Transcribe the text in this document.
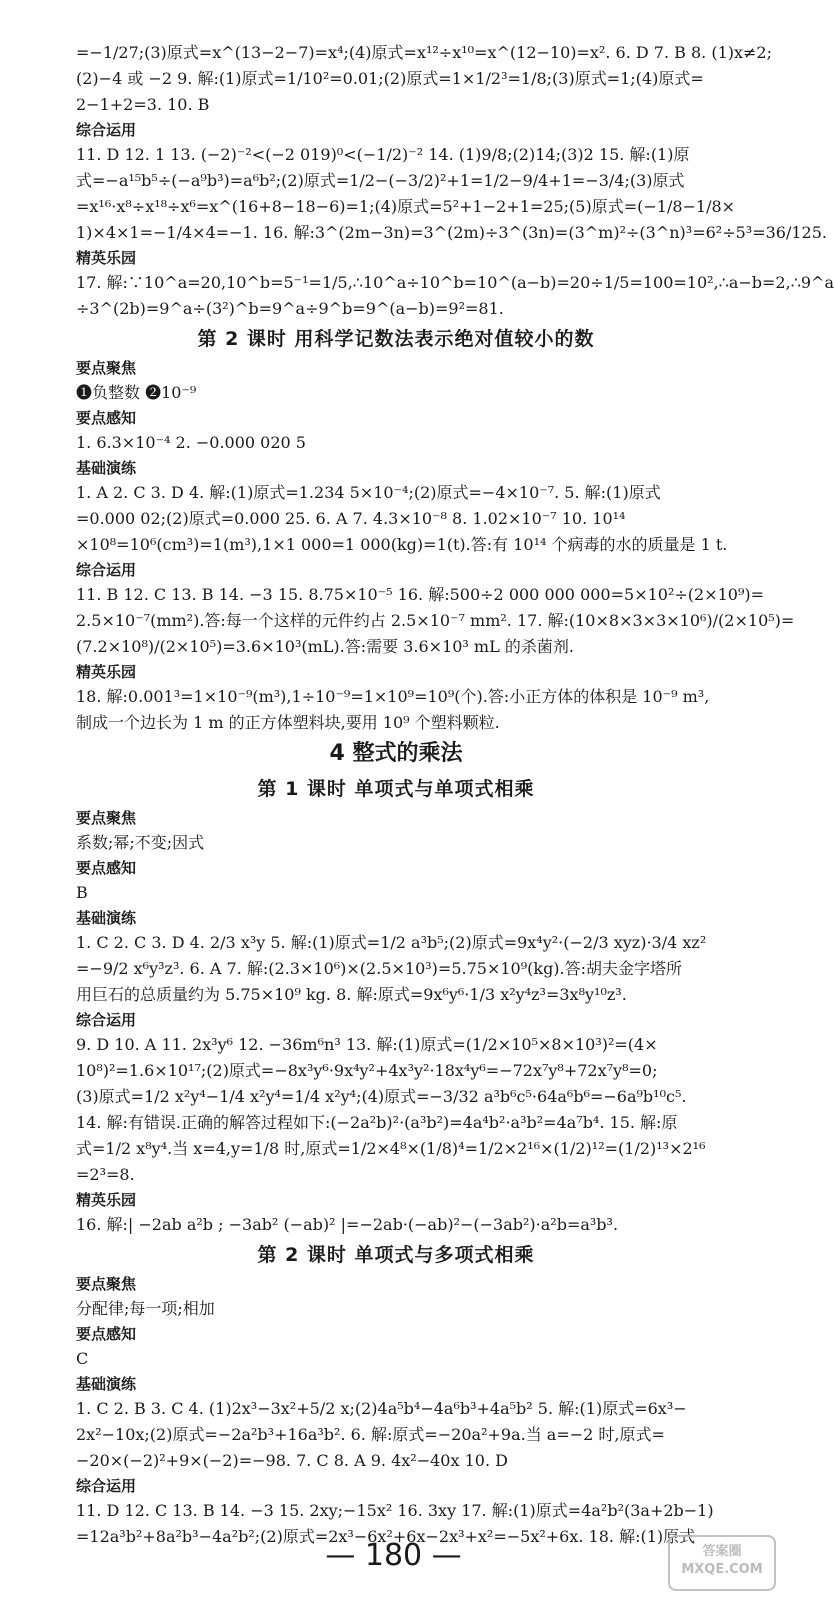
=−1/27;(3)原式=x^(13−2−7)=x⁴;(4)原式=x¹²÷x¹⁰=x^(12−10)=x². 6. D 7. B 8. (1)x≠2;
(2)−4 或 −2 9. 解:(1)原式=1/10²=0.01;(2)原式=1×1/2³=1/8;(3)原式=1;(4)原式=
2−1+2=3. 10. B
综合运用
11. D 12. 1 13. (−2)⁻²<(−2 019)⁰<(−1/2)⁻² 14. (1)9/8;(2)14;(3)2 15. 解:(1)原
式=−a¹⁵b⁵÷(−a⁹b³)=a⁶b²;(2)原式=1/2−(−3/2)²+1=1/2−9/4+1=−3/4;(3)原式
=x¹⁶·x⁸÷x¹⁸÷x⁶=x^(16+8−18−6)=1;(4)原式=5²+1−2+1=25;(5)原式=(−1/8−1/8×
1)×4×1=−1/4×4=−1. 16. 解:3^(2m−3n)=3^(2m)÷3^(3n)=(3^m)²÷(3^n)³=6²÷5³=36/125.
精英乐园
17. 解:∵10^a=20,10^b=5⁻¹=1/5,∴10^a÷10^b=10^(a−b)=20÷1/5=100=10²,∴a−b=2,∴9^a
÷3^(2b)=9^a÷(3²)^b=9^a÷9^b=9^(a−b)=9²=81.
第 2 课时 用科学记数法表示绝对值较小的数
要点聚焦
❶负整数 ❷10⁻⁹
要点感知
1. 6.3×10⁻⁴ 2. −0.000 020 5
基础演练
1. A 2. C 3. D 4. 解:(1)原式=1.234 5×10⁻⁴;(2)原式=−4×10⁻⁷. 5. 解:(1)原式
=0.000 02;(2)原式=0.000 25. 6. A 7. 4.3×10⁻⁸ 8. 1.02×10⁻⁷ 10. 10¹⁴
×10⁸=10⁶(cm³)=1(m³),1×1 000=1 000(kg)=1(t).答:有 10¹⁴ 个病毒的水的质量是 1 t.
综合运用
11. B 12. C 13. B 14. −3 15. 8.75×10⁻⁵ 16. 解:500÷2 000 000 000=5×10²÷(2×10⁹)=
2.5×10⁻⁷(mm²).答:每一个这样的元件约占 2.5×10⁻⁷ mm². 17. 解:(10×8×3×3×10⁶)/(2×10⁵)=
(7.2×10⁸)/(2×10⁵)=3.6×10³(mL).答:需要 3.6×10³ mL 的杀菌剂.
精英乐园
18. 解:0.001³=1×10⁻⁹(m³),1÷10⁻⁹=1×10⁹=10⁹(个).答:小正方体的体积是 10⁻⁹ m³,
制成一个边长为 1 m 的正方体塑料块,要用 10⁹ 个塑料颗粒.
4 整式的乘法
第 1 课时 单项式与单项式相乘
要点聚焦
系数;幂;不变;因式
要点感知
B
基础演练
1. C 2. C 3. D 4. 2/3 x³y 5. 解:(1)原式=1/2 a³b⁵;(2)原式=9x⁴y²·(−2/3 xyz)·3/4 xz²
=−9/2 x⁶y³z³. 6. A 7. 解:(2.3×10⁶)×(2.5×10³)=5.75×10⁹(kg).答:胡夫金字塔所
用巨石的总质量约为 5.75×10⁹ kg. 8. 解:原式=9x⁶y⁶·1/3 x²y⁴z³=3x⁸y¹⁰z³.
综合运用
9. D 10. A 11. 2x³y⁶ 12. −36m⁶n³ 13. 解:(1)原式=(1/2×10⁵×8×10³)²=(4×
10⁸)²=1.6×10¹⁷;(2)原式=−8x³y⁶·9x⁴y²+4x³y²·18x⁴y⁶=−72x⁷y⁸+72x⁷y⁸=0;
(3)原式=1/2 x²y⁴−1/4 x²y⁴=1/4 x²y⁴;(4)原式=−3/32 a³b⁶c⁵·64a⁶b⁶=−6a⁹b¹⁰c⁵.
14. 解:有错误.正确的解答过程如下:(−2a²b)²·(a³b²)=4a⁴b²·a³b²=4a⁷b⁴. 15. 解:原
式=1/2 x⁸y⁴.当 x=4,y=1/8 时,原式=1/2×4⁸×(1/8)⁴=1/2×2¹⁶×(1/2)¹²=(1/2)¹³×2¹⁶
=2³=8.
精英乐园
16. 解:| −2ab a²b ; −3ab² (−ab)² |=−2ab·(−ab)²−(−3ab²)·a²b=a³b³.
第 2 课时 单项式与多项式相乘
要点聚焦
分配律;每一项;相加
要点感知
C
基础演练
1. C 2. B 3. C 4. (1)2x³−3x²+5/2 x;(2)4a⁵b⁴−4a⁶b³+4a⁵b² 5. 解:(1)原式=6x³−
2x²−10x;(2)原式=−2a²b³+16a³b². 6. 解:原式=−20a²+9a.当 a=−2 时,原式=
−20×(−2)²+9×(−2)=−98. 7. C 8. A 9. 4x²−40x 10. D
综合运用
11. D 12. C 13. B 14. −3 15. 2xy;−15x² 16. 3xy 17. 解:(1)原式=4a²b²(3a+2b−1)
=12a³b²+8a²b³−4a²b²;(2)原式=2x³−6x²+6x−2x³+x²=−5x²+6x. 18. 解:(1)原式
— 180 —	答案圈
MXQE.COM
